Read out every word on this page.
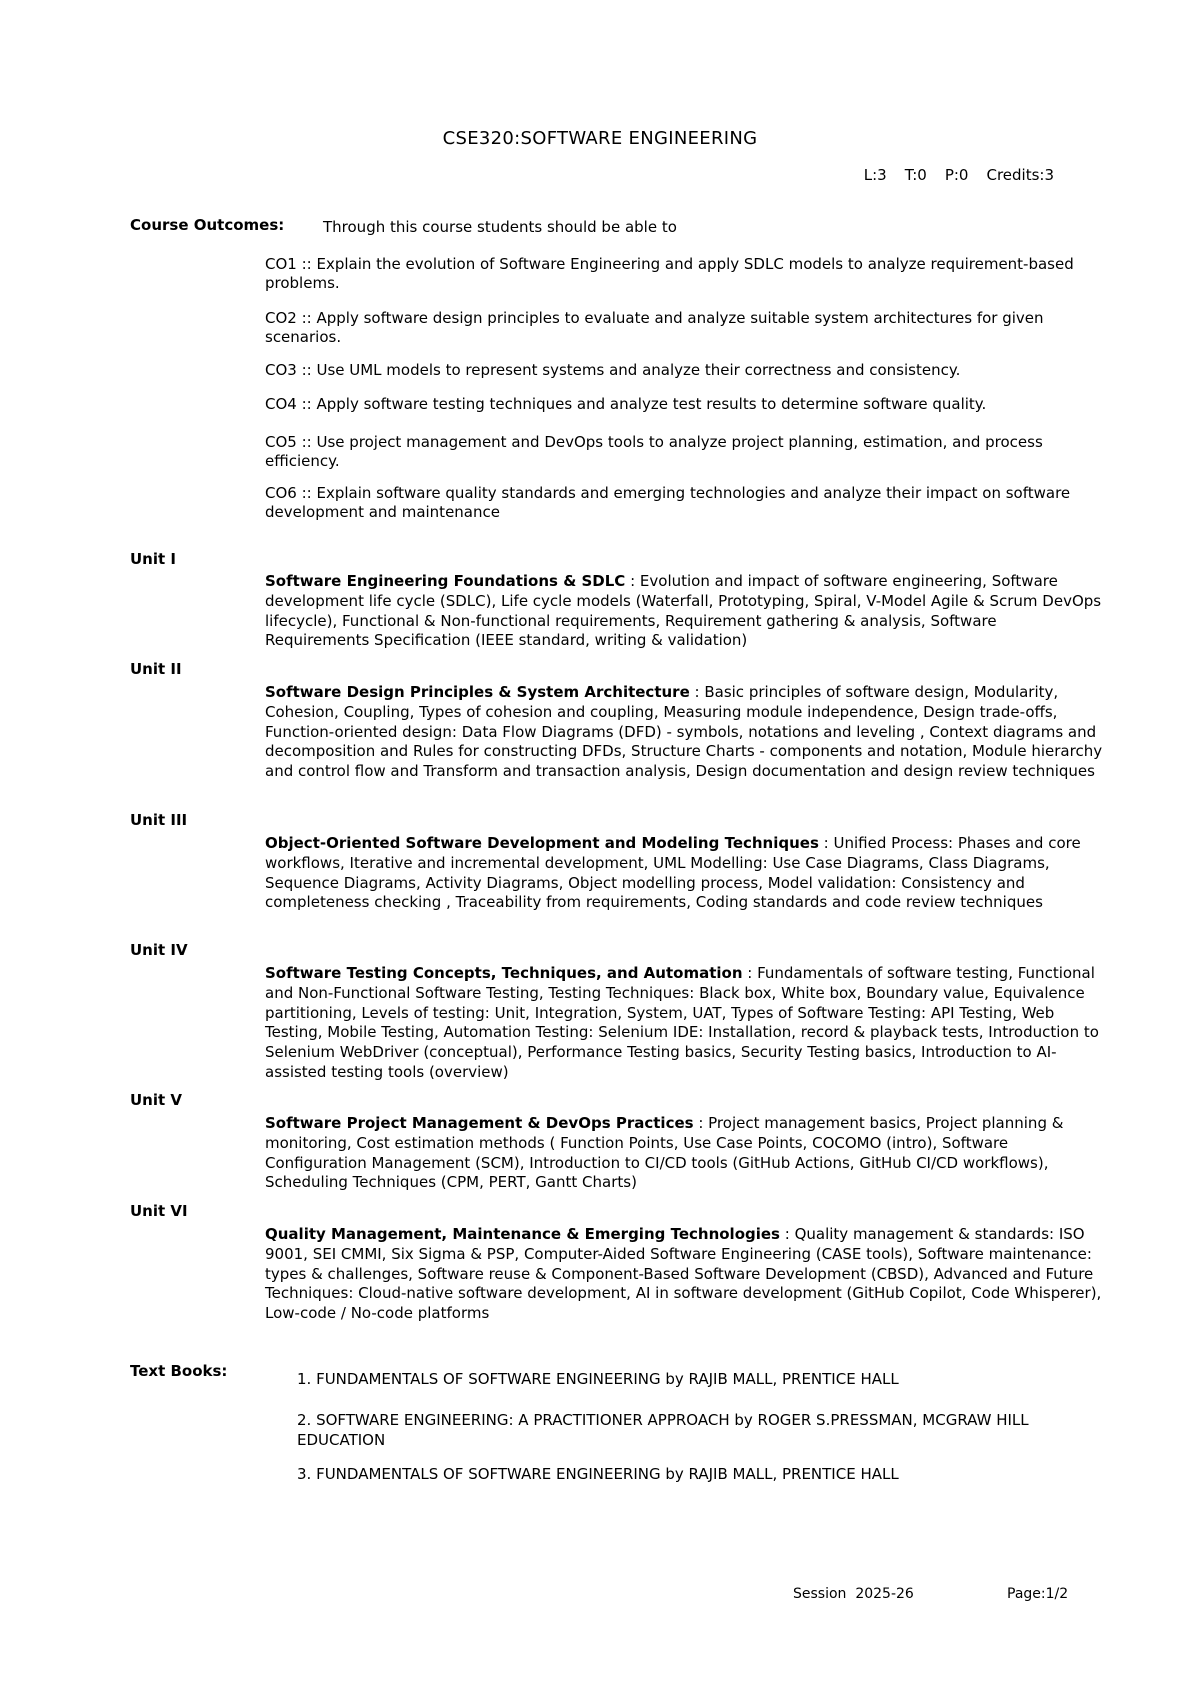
CSE320:SOFTWARE ENGINEERING
L:3 T:0 P:0 Credits:3
Course Outcomes:	Through this course students should be able to
CO1 :: Explain the evolution of Software Engineering and apply SDLC models to analyze requirement-based problems.
CO2 :: Apply software design principles to evaluate and analyze suitable system architectures for given scenarios.
CO3 :: Use UML models to represent systems and analyze their correctness and consistency.
CO4 :: Apply software testing techniques and analyze test results to determine software quality.
CO5 :: Use project management and DevOps tools to analyze project planning, estimation, and process efficiency.
CO6 :: Explain software quality standards and emerging technologies and analyze their impact on software development and maintenance
Unit I
Software Engineering Foundations & SDLC : Evolution and impact of software engineering, Software development life cycle (SDLC), Life cycle models (Waterfall, Prototyping, Spiral, V-Model Agile & Scrum DevOps lifecycle), Functional & Non-functional requirements, Requirement gathering & analysis, Software Requirements Specification (IEEE standard, writing & validation)
Unit II
Software Design Principles & System Architecture : Basic principles of software design, Modularity, Cohesion, Coupling, Types of cohesion and coupling, Measuring module independence, Design trade-offs, Function-oriented design: Data Flow Diagrams (DFD) - symbols, notations and leveling , Context diagrams and decomposition and Rules for constructing DFDs, Structure Charts - components and notation, Module hierarchy and control flow and Transform and transaction analysis, Design documentation and design review techniques
Unit III
Object-Oriented Software Development and Modeling Techniques : Unified Process: Phases and core workflows, Iterative and incremental development, UML Modelling: Use Case Diagrams, Class Diagrams, Sequence Diagrams, Activity Diagrams, Object modelling process, Model validation: Consistency and completeness checking , Traceability from requirements, Coding standards and code review techniques
Unit IV
Software Testing Concepts, Techniques, and Automation : Fundamentals of software testing, Functional and Non-Functional Software Testing, Testing Techniques: Black box, White box, Boundary value, Equivalence partitioning, Levels of testing: Unit, Integration, System, UAT, Types of Software Testing: API Testing, Web Testing, Mobile Testing, Automation Testing: Selenium IDE: Installation, record & playback tests, Introduction to Selenium WebDriver (conceptual), Performance Testing basics, Security Testing basics, Introduction to AI-assisted testing tools (overview)
Unit V
Software Project Management & DevOps Practices : Project management basics, Project planning & monitoring, Cost estimation methods ( Function Points, Use Case Points, COCOMO (intro), Software Configuration Management (SCM), Introduction to CI/CD tools (GitHub Actions, GitHub CI/CD workflows), Scheduling Techniques (CPM, PERT, Gantt Charts)
Unit VI
Quality Management, Maintenance & Emerging Technologies : Quality management & standards: ISO 9001, SEI CMMI, Six Sigma & PSP, Computer-Aided Software Engineering (CASE tools), Software maintenance: types & challenges, Software reuse & Component-Based Software Development (CBSD), Advanced and Future Techniques: Cloud-native software development, AI in software development (GitHub Copilot, Code Whisperer), Low-code / No-code platforms
Text Books:	1. FUNDAMENTALS OF SOFTWARE ENGINEERING by RAJIB MALL, PRENTICE HALL
2. SOFTWARE ENGINEERING: A PRACTITIONER APPROACH by ROGER S.PRESSMAN, MCGRAW HILL EDUCATION
3. FUNDAMENTALS OF SOFTWARE ENGINEERING by RAJIB MALL, PRENTICE HALL
Session  2025-26	Page:1/2
